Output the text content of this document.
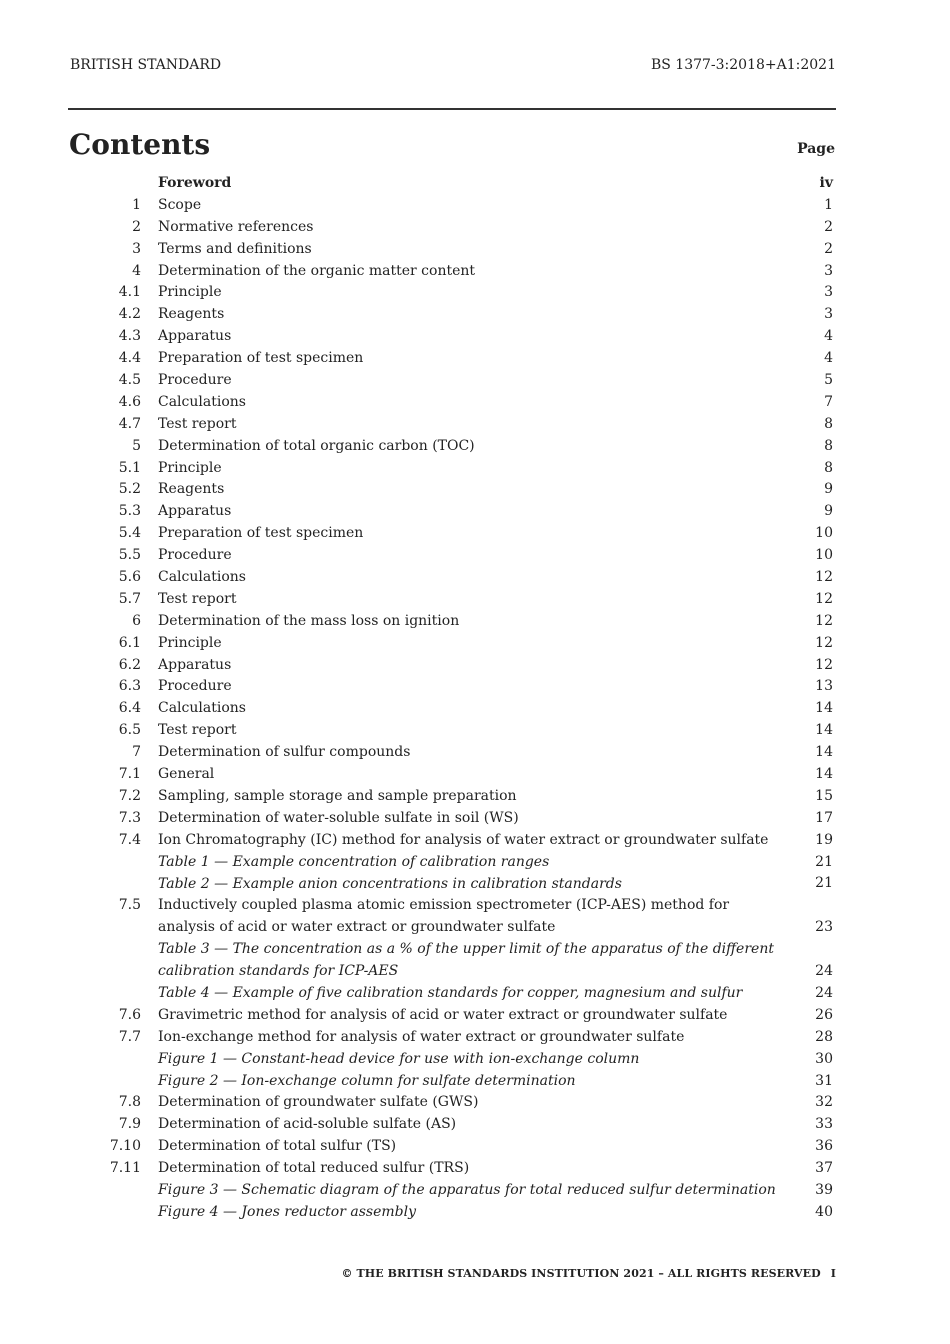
BRITISH STANDARD	BS 1377-3:2018+A1:2021
Contents	Page
Foreword	iv
1 Scope	1
2 Normative references	2
3 Terms and definitions	2
4 Determination of the organic matter content	3
4.1 Principle	3
4.2 Reagents	3
4.3 Apparatus	4
4.4 Preparation of test specimen	4
4.5 Procedure	5
4.6 Calculations	7
4.7 Test report	8
5 Determination of total organic carbon (TOC)	8
5.1 Principle	8
5.2 Reagents	9
5.3 Apparatus	9
5.4 Preparation of test specimen	10
5.5 Procedure	10
5.6 Calculations	12
5.7 Test report	12
6 Determination of the mass loss on ignition	12
6.1 Principle	12
6.2 Apparatus	12
6.3 Procedure	13
6.4 Calculations	14
6.5 Test report	14
7 Determination of sulfur compounds	14
7.1 General	14
7.2 Sampling, sample storage and sample preparation	15
7.3 Determination of water-soluble sulfate in soil (WS)	17
7.4 Ion Chromatography (IC) method for analysis of water extract or groundwater sulfate	19
Table 1 — Example concentration of calibration ranges	21
Table 2 — Example anion concentrations in calibration standards	21
7.5 Inductively coupled plasma atomic emission spectrometer (ICP-AES) method for analysis of acid or water extract or groundwater sulfate	23
Table 3 — The concentration as a % of the upper limit of the apparatus of the different calibration standards for ICP-AES	24
Table 4 — Example of five calibration standards for copper, magnesium and sulfur	24
7.6 Gravimetric method for analysis of acid or water extract or groundwater sulfate	26
7.7 Ion-exchange method for analysis of water extract or groundwater sulfate	28
Figure 1 — Constant-head device for use with ion-exchange column	30
Figure 2 — Ion-exchange column for sulfate determination	31
7.8 Determination of groundwater sulfate (GWS)	32
7.9 Determination of acid-soluble sulfate (AS)	33
7.10 Determination of total sulfur (TS)	36
7.11 Determination of total reduced sulfur (TRS)	37
Figure 3 — Schematic diagram of the apparatus for total reduced sulfur determination	39
Figure 4 — Jones reductor assembly	40
© THE BRITISH STANDARDS INSTITUTION 2021 – ALL RIGHTS RESERVED I
